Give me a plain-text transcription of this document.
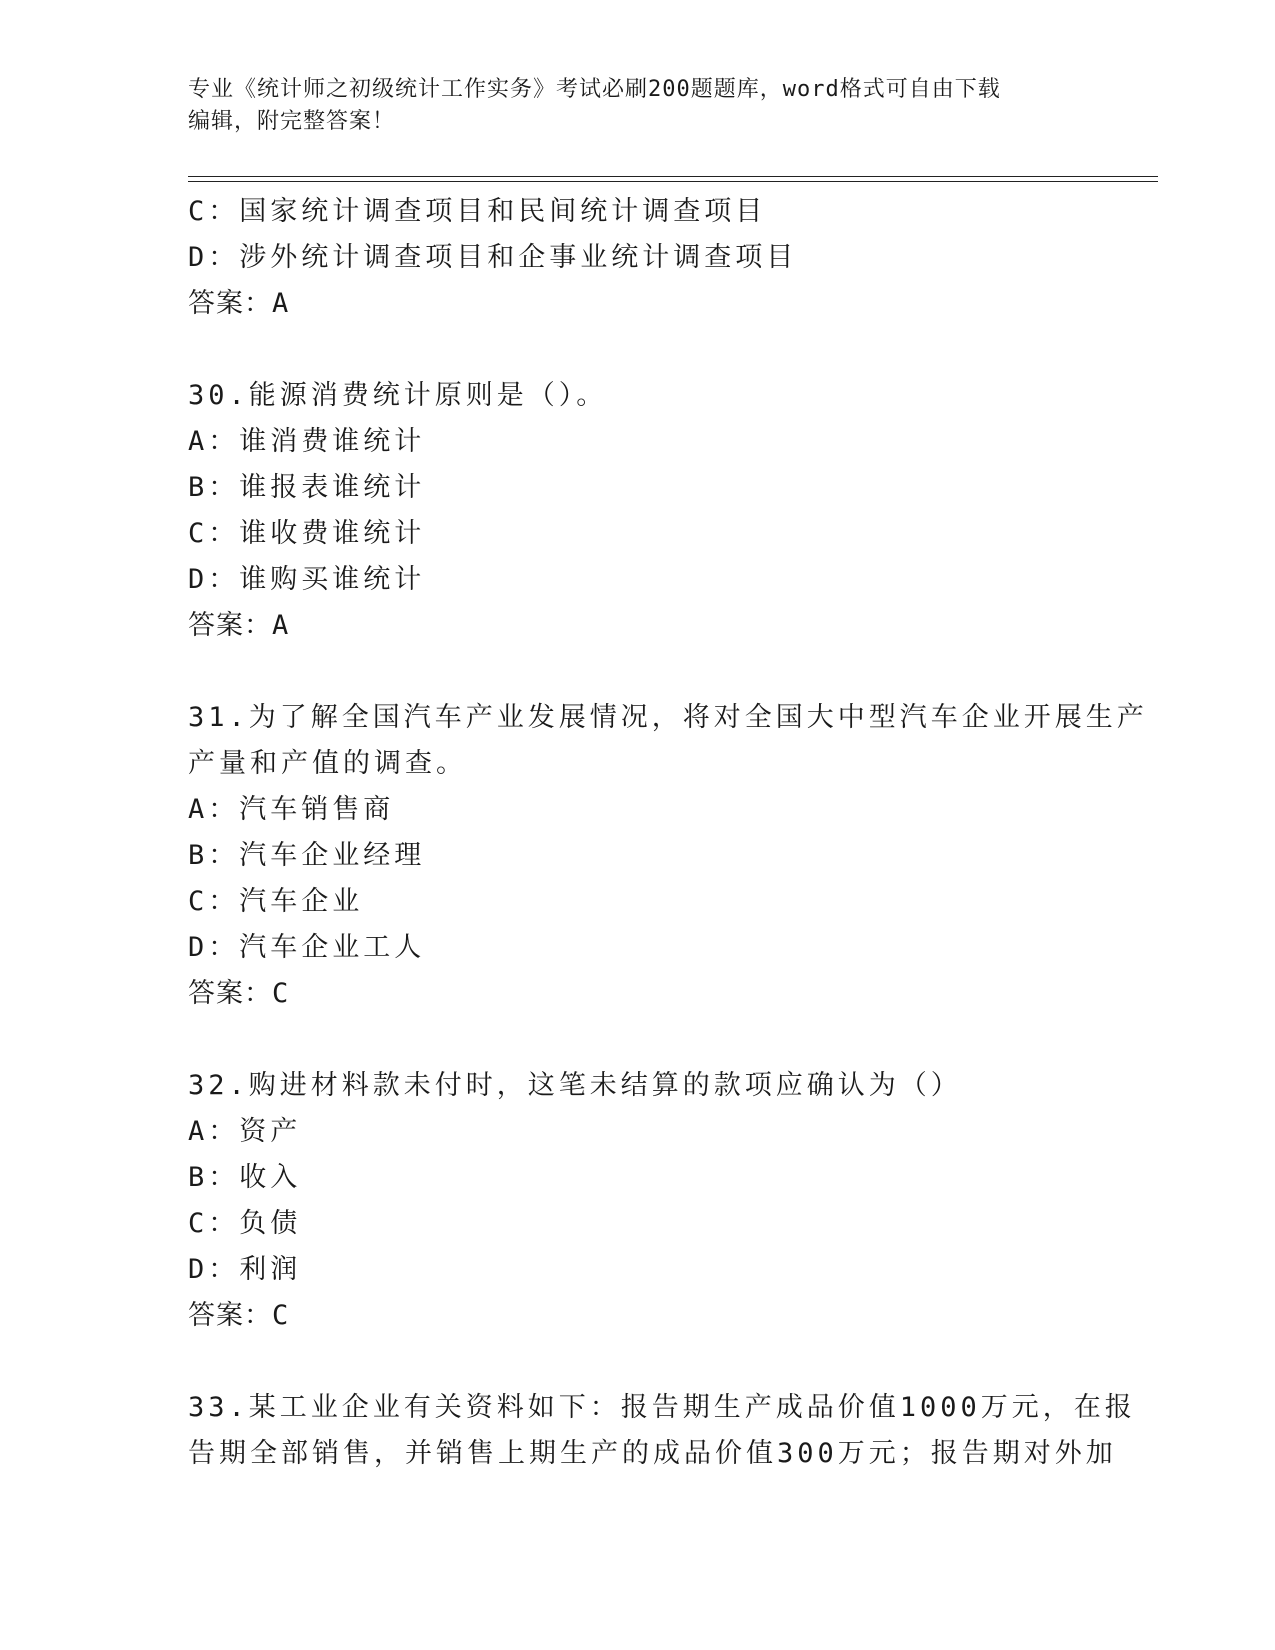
专业《统计师之初级统计工作实务》考试必刷200题题库，word格式可自由下载
编辑，附完整答案！
C：国家统计调查项目和民间统计调查项目
D：涉外统计调查项目和企事业统计调查项目
答案：A
30.能源消费统计原则是（）。
A：谁消费谁统计
B：谁报表谁统计
C：谁收费谁统计
D：谁购买谁统计
答案：A
31.为了解全国汽车产业发展情况，将对全国大中型汽车企业开展生产
产量和产值的调查。
A：汽车销售商
B：汽车企业经理
C：汽车企业
D：汽车企业工人
答案：C
32.购进材料款未付时，这笔未结算的款项应确认为（）
A：资产
B：收入
C：负债
D：利润
答案：C
33.某工业企业有关资料如下：报告期生产成品价值1000万元，在报
告期全部销售，并销售上期生产的成品价值300万元；报告期对外加
